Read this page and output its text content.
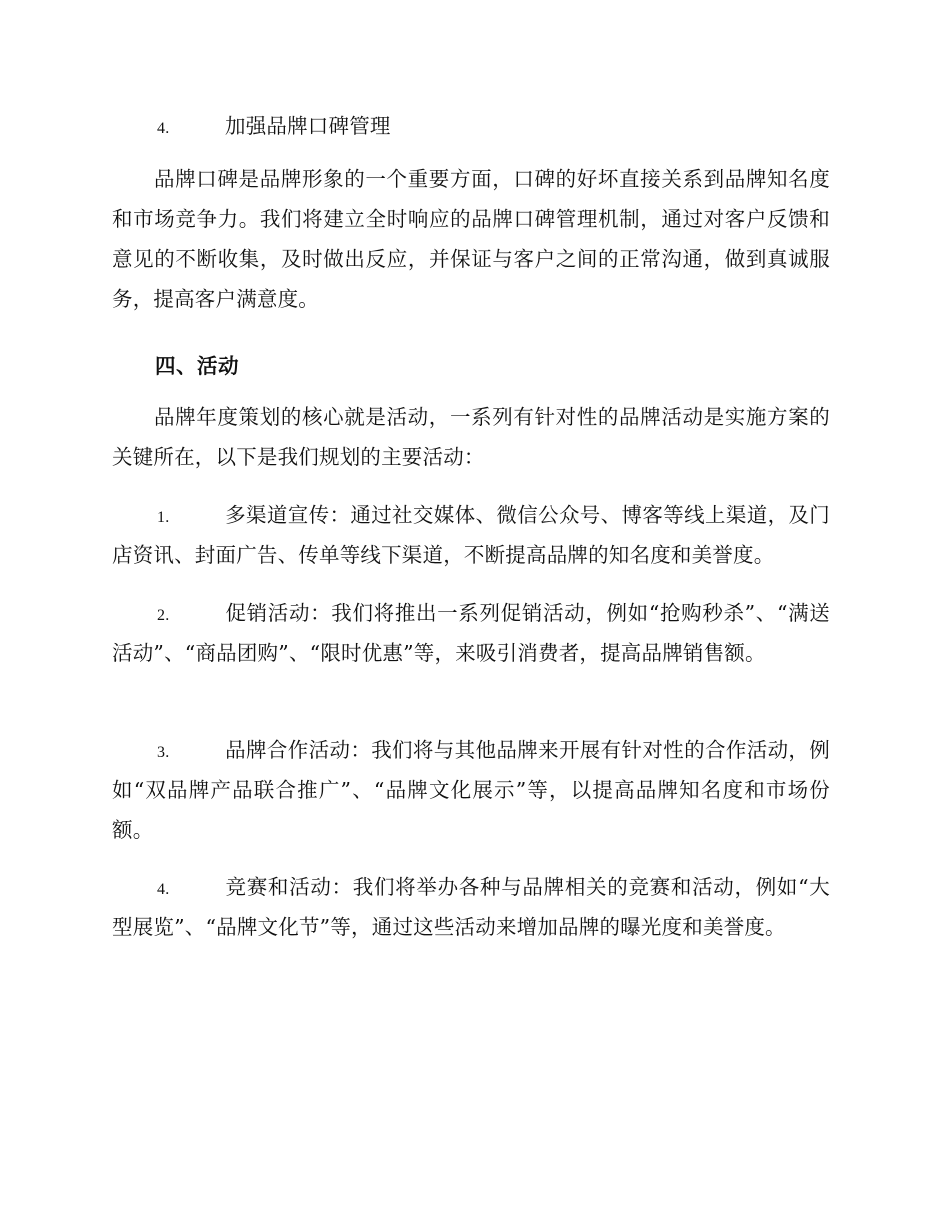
4.	加强品牌口碑管理

品牌口碑是品牌形象的一个重要方面，口碑的好坏直接关系到品牌知名度和市场竞争力。我们将建立全时响应的品牌口碑管理机制，通过对客户反馈和意见的不断收集，及时做出反应，并保证与客户之间的正常沟通，做到真诚服务，提高客户满意度。

四、活动

品牌年度策划的核心就是活动，一系列有针对性的品牌活动是实施方案的关键所在，以下是我们规划的主要活动：

1.	多渠道宣传：通过社交媒体、微信公众号、博客等线上渠道，及门店资讯、封面广告、传单等线下渠道，不断提高品牌的知名度和美誉度。

2.	促销活动：我们将推出一系列促销活动，例如“抢购秒杀”、“满送活动”、“商品团购”、“限时优惠”等，来吸引消费者，提高品牌销售额。

3.	品牌合作活动：我们将与其他品牌来开展有针对性的合作活动，例如“双品牌产品联合推广”、“品牌文化展示”等，以提高品牌知名度和市场份额。

4.	竞赛和活动：我们将举办各种与品牌相关的竞赛和活动，例如“大型展览”、“品牌文化节”等，通过这些活动来增加品牌的曝光度和美誉度。
